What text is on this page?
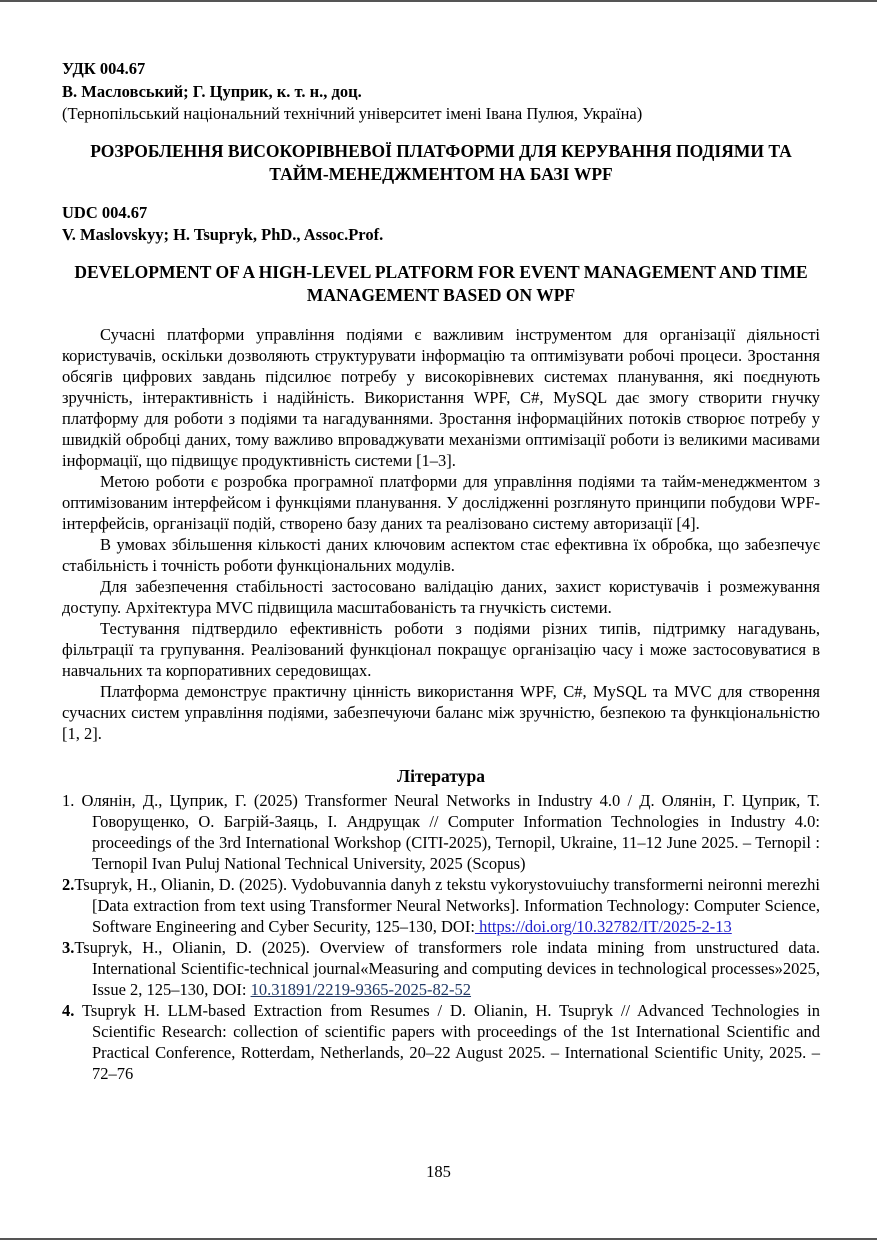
УДК 004.67
В. Масловський; Г. Цуприк, к. т. н., доц.
(Тернопільський національний технічний університет імені Івана Пулюя, Україна)
РОЗРОБЛЕННЯ ВИСОКОРІВНЕВОЇ ПЛАТФОРМИ ДЛЯ КЕРУВАННЯ ПОДІЯМИ ТА ТАЙМ-МЕНЕДЖМЕНТОМ НА БАЗІ WPF
UDC 004.67
V. Maslovskyy; H. Tsupryk, PhD., Assoc.Prof.
DEVELOPMENT OF A HIGH-LEVEL PLATFORM FOR EVENT MANAGEMENT AND TIME MANAGEMENT BASED ON WPF

Сучасні платформи управління подіями є важливим інструментом для організації діяльності користувачів, оскільки дозволяють структурувати інформацію та оптимізувати робочі процеси. Зростання обсягів цифрових завдань підсилює потребу у високорівневих системах планування, які поєднують зручність, інтерактивність і надійність. Використання WPF, C#, MySQL дає змогу створити гнучку платформу для роботи з подіями та нагадуваннями. Зростання інформаційних потоків створює потребу у швидкій обробці даних, тому важливо впроваджувати механізми оптимізації роботи із великими масивами інформації, що підвищує продуктивність системи [1–3].

Метою роботи є розробка програмної платформи для управління подіями та тайм-менеджментом з оптимізованим інтерфейсом і функціями планування. У дослідженні розглянуто принципи побудови WPF-інтерфейсів, організації подій, створено базу даних та реалізовано систему авторизації [4].

В умовах збільшення кількості даних ключовим аспектом стає ефективна їх обробка, що забезпечує стабільність і точність роботи функціональних модулів.

Для забезпечення стабільності застосовано валідацію даних, захист користувачів і розмежування доступу. Архітектура MVC підвищила масштабованість та гнучкість системи.

Тестування підтвердило ефективність роботи з подіями різних типів, підтримку нагадувань, фільтрації та групування. Реалізований функціонал покращує організацію часу і може застосовуватися в навчальних та корпоративних середовищах.

Платформа демонструє практичну цінність використання WPF, C#, MySQL та MVC для створення сучасних систем управління подіями, забезпечуючи баланс між зручністю, безпекою та функціональністю [1, 2].

Література
1. Олянін, Д., Цуприк, Г. (2025) Transformer Neural Networks in Industry 4.0 / Д. Олянін, Г. Цуприк, Т. Говорущенко, О. Багрій-Заяць, І. Андрущак // Computer Information Technologies in Industry 4.0: proceedings of the 3rd International Workshop (CITI-2025), Ternopil, Ukraine, 11–12 June 2025. – Ternopil : Ternopil Ivan Puluj National Technical University, 2025 (Scopus)
2.Tsupryk, H., Olianin, D. (2025). Vydobuvannia danyh z tekstu vykorystovuiuchy transformerni neironni merezhi [Data extraction from text using Transformer Neural Networks]. Information Technology: Computer Science, Software Engineering and Cyber Security, 125–130, DOI: https://doi.org/10.32782/IT/2025-2-13
3.Tsupryk, H., Olianin, D. (2025). Overview of transformers role indata mining from unstructured data. International Scientific-technical journal«Measuring and computing devices in technological processes»2025, Issue 2, 125–130, DOI: 10.31891/2219-9365-2025-82-52
4. Tsupryk H. LLM-based Extraction from Resumes / D. Olianin, H. Tsupryk // Advanced Technologies in Scientific Research: collection of scientific papers with proceedings of the 1st International Scientific and Practical Conference, Rotterdam, Netherlands, 20–22 August 2025. – International Scientific Unity, 2025. – 72–76
185
